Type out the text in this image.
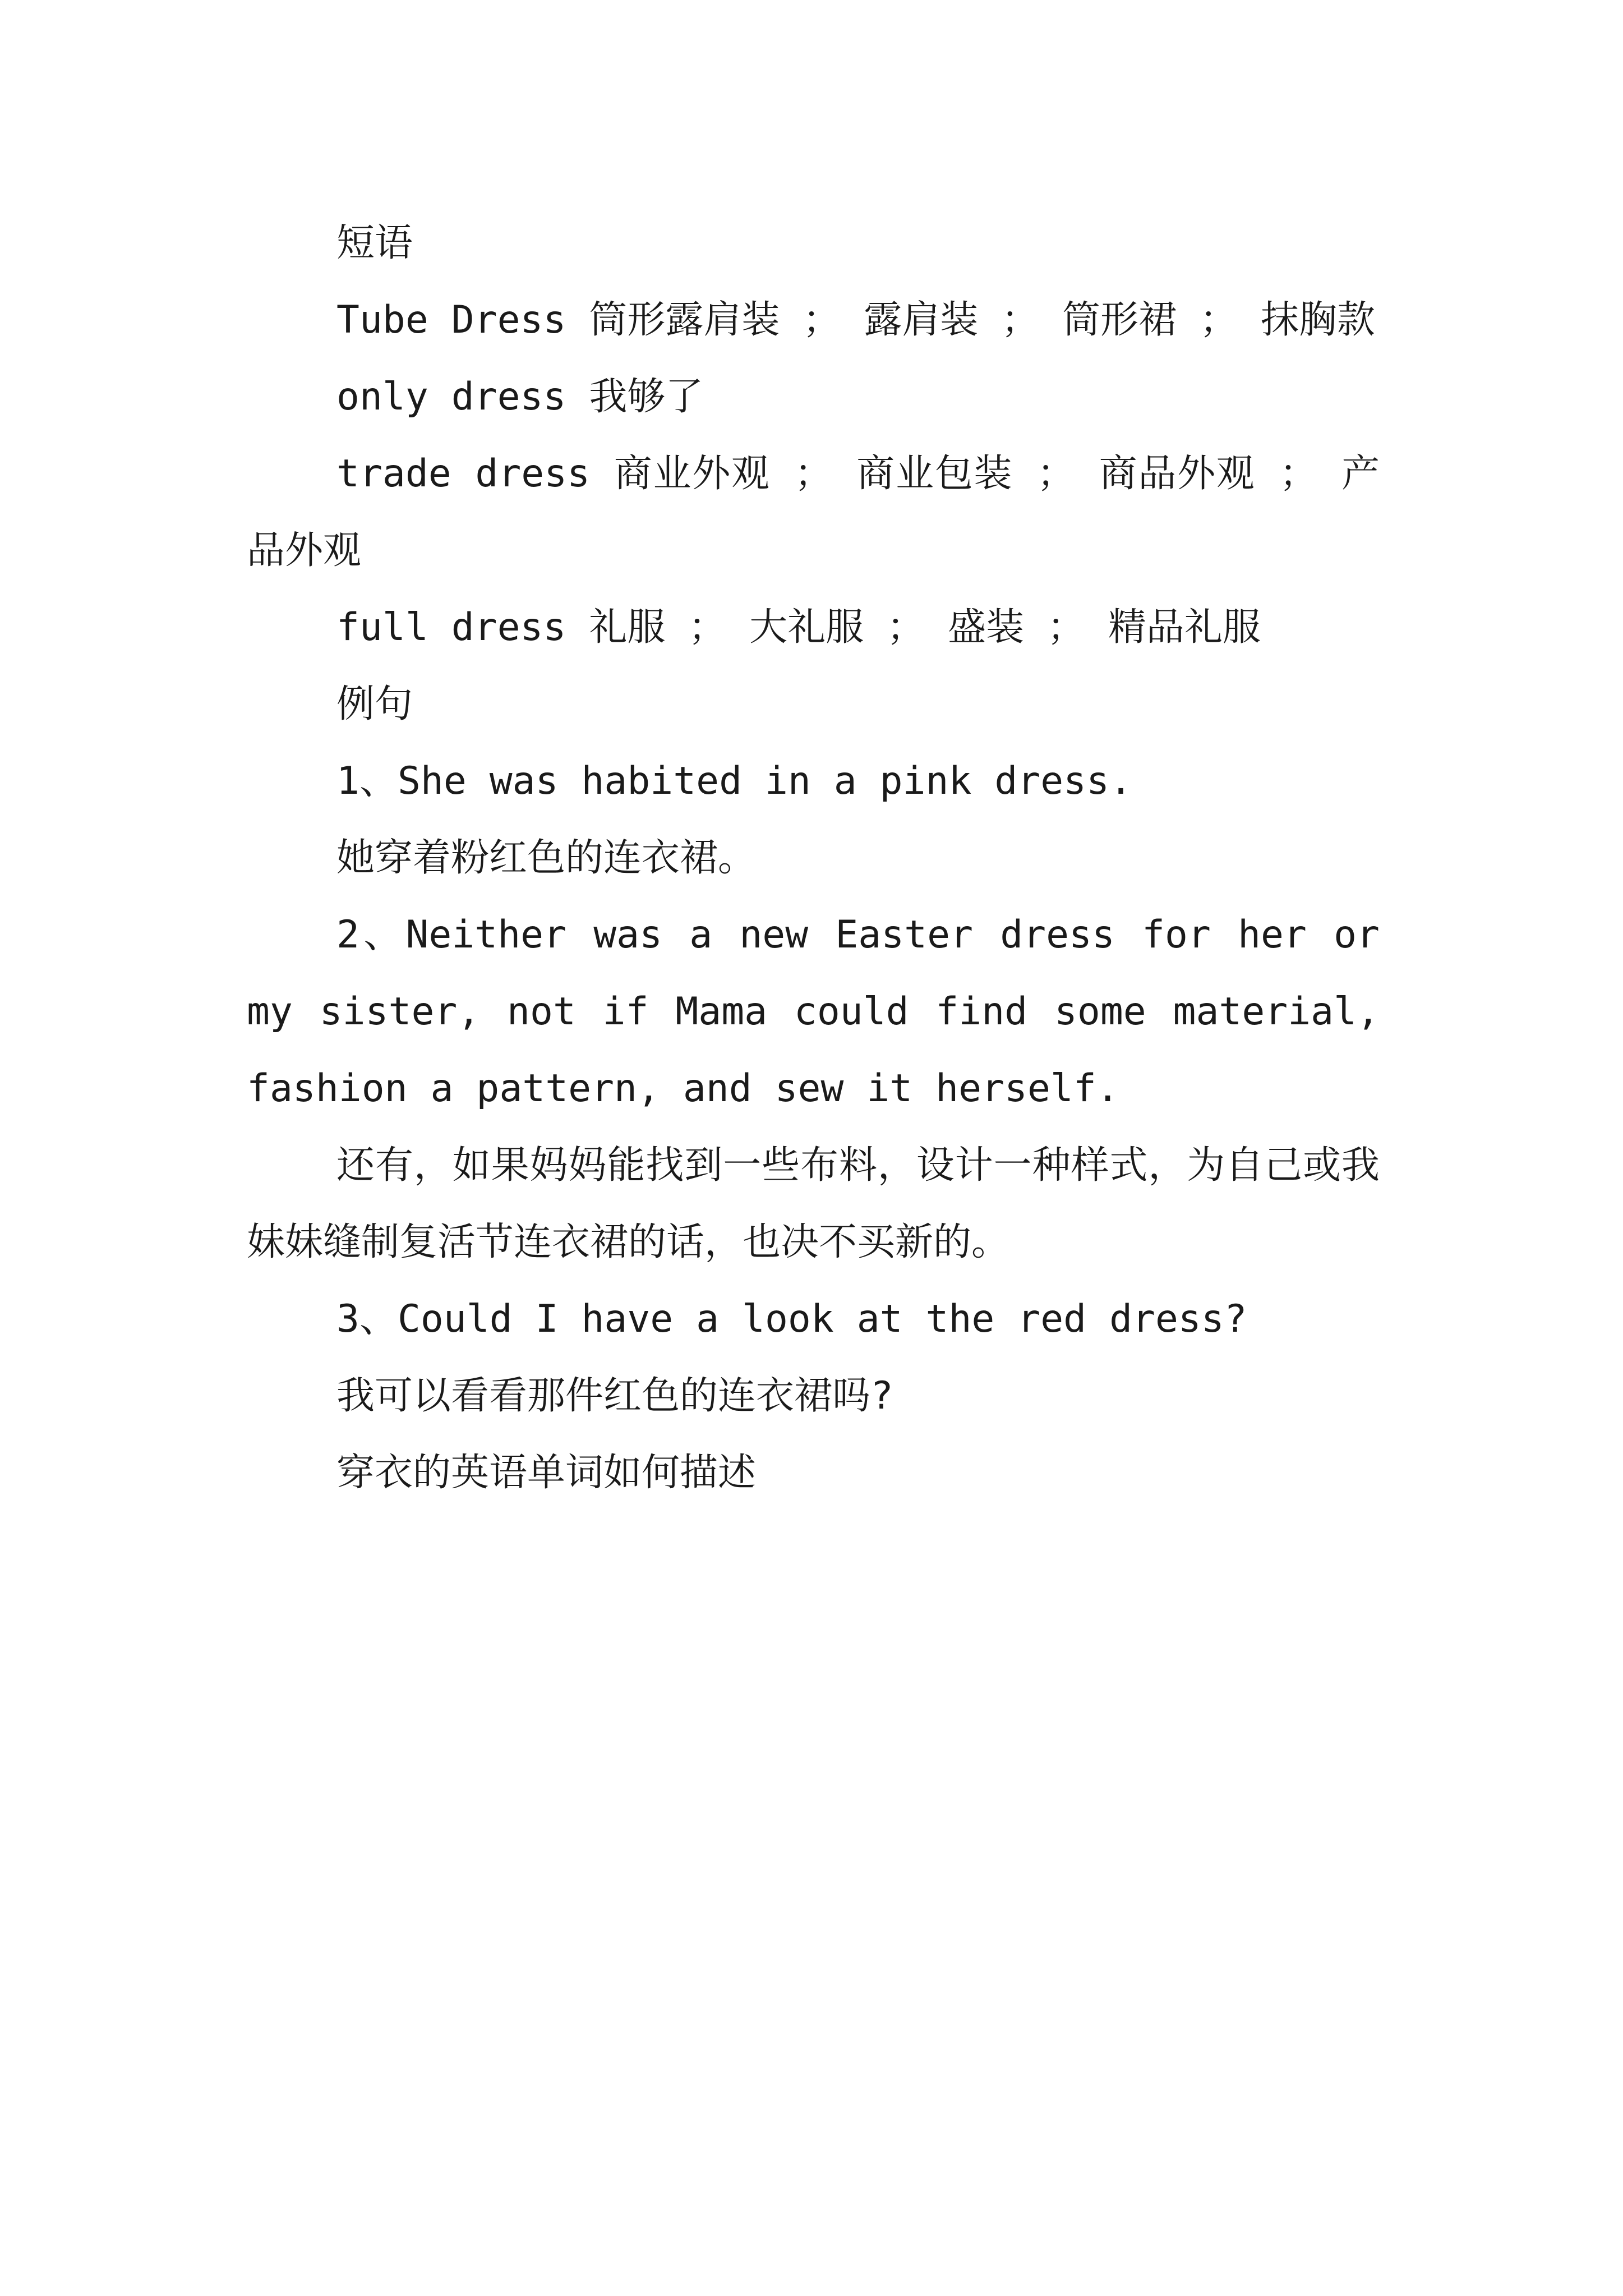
短语

Tube Dress 筒形露肩装 ； 露肩装 ； 筒形裙 ； 抹胸款

only dress 我够了

trade dress 商业外观 ； 商业包装 ； 商品外观 ； 产品外观

full dress 礼服 ； 大礼服 ； 盛装 ； 精品礼服

例句

1、She was habited in a pink dress.

她穿着粉红色的连衣裙。

2、Neither was a new Easter dress for her or my sister, not if Mama could find some material, fashion a pattern, and sew it herself.

还有，如果妈妈能找到一些布料，设计一种样式，为自己或我妹妹缝制复活节连衣裙的话，也决不买新的。

3、Could I have a look at the red dress?

我可以看看那件红色的连衣裙吗?

穿衣的英语单词如何描述
